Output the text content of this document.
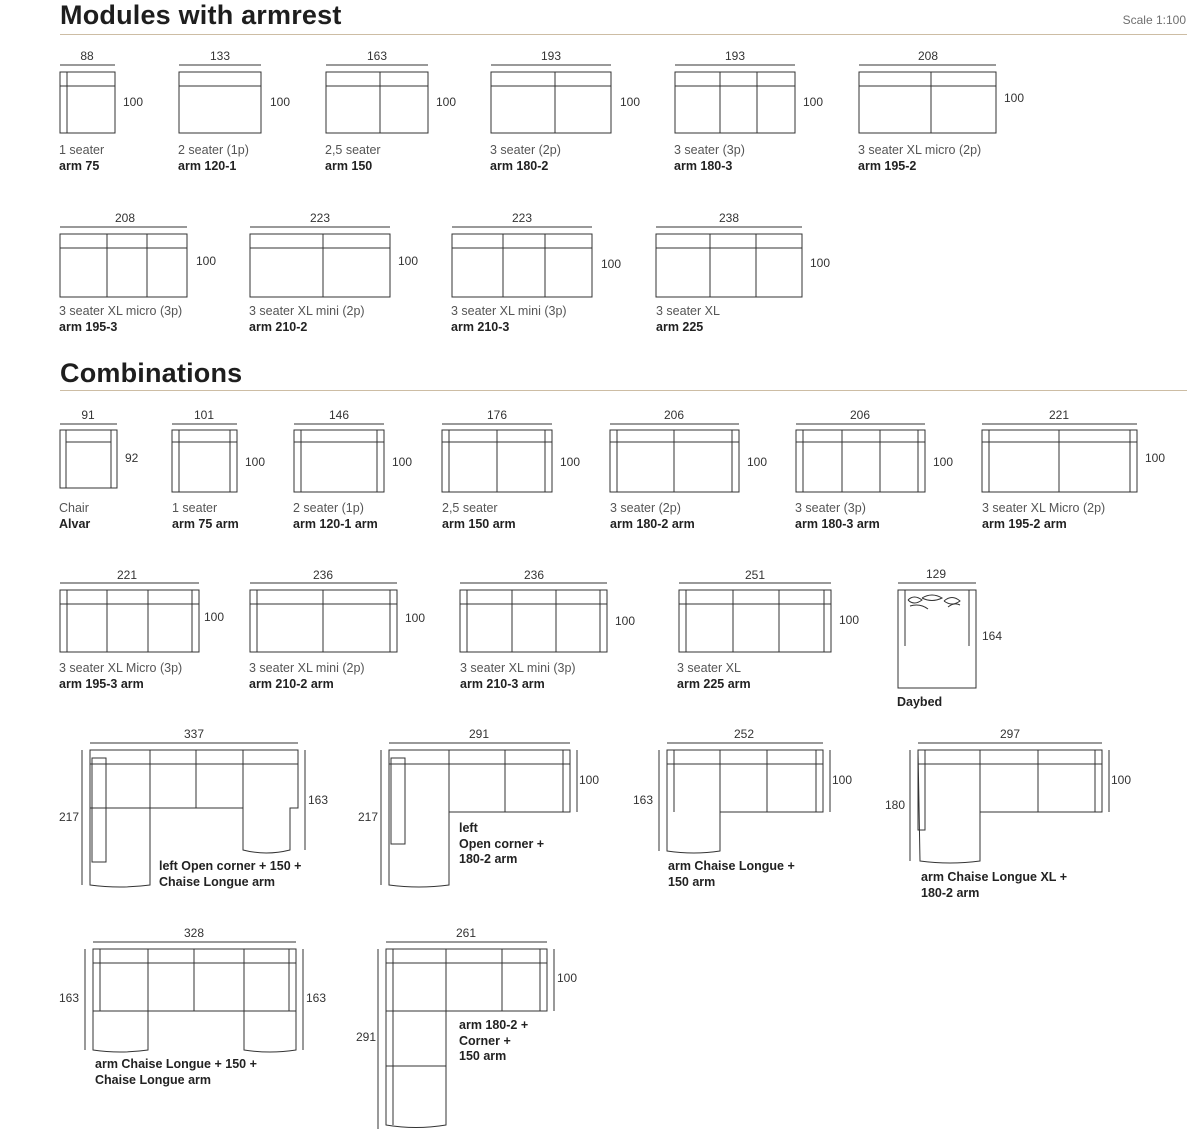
Modules with armrest	Scale 1:100
Combinations
88
100
133
100
163
100
193
100
193
100
208
100
208
100
223
100
223
100
238
100
1 seater
arm 75
2 seater (1p)
arm 120-1
2,5 seater
arm 150
3 seater (2p)
arm 180-2
3 seater (3p)
arm 180-3
3 seater XL micro (2p)
arm 195-2
3 seater XL micro (3p)
arm 195-3
3 seater XL mini (2p)
arm 210-2
3 seater XL mini (3p)
arm 210-3
3 seater XL
arm 225
91
92
101
100
146
100
176
100
206
100
206
100
221
100
221
100
236
100
236
100
251
100
129
164
Chair
Alvar
1 seater
arm 75 arm
2 seater (1p)
arm 120-1 arm
2,5 seater
arm 150 arm
3 seater (2p)
arm 180-2 arm
3 seater (3p)
arm 180-3 arm
3 seater XL Micro (2p)
arm 195-2 arm
3 seater XL Micro (3p)
arm 195-3 arm
3 seater XL mini (2p)
arm 210-2 arm
3 seater XL mini (3p)
arm 210-3 arm
3 seater XL
arm 225 arm
Daybed
337
217
163
291
217
100
252
163
100
297
180
100
328
163	163
261
291
100
left Open corner + 150 +
Chaise Longue arm
left
Open corner +
180-2 arm	arm Chaise Longue +
150 arm	arm Chaise Longue XL +
180-2 arm
arm Chaise Longue + 150 +
Chaise Longue arm
arm 180-2 +
Corner +
150 arm
